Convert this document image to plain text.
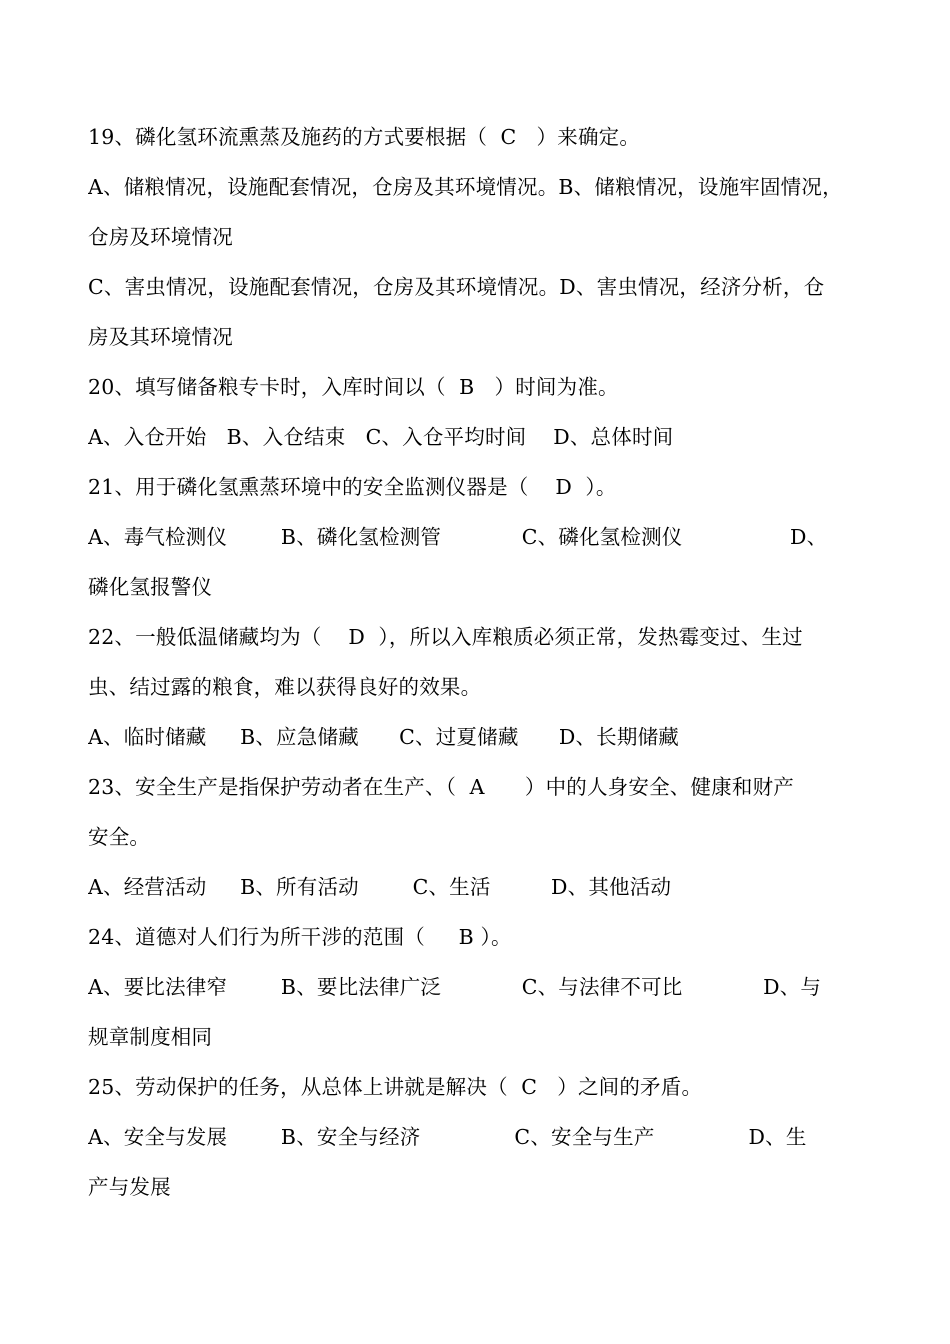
19、磷化氢环流熏蒸及施药的方式要根据（  C   ）来确定。
A、储粮情况，设施配套情况，仓房及其环境情况。B、储粮情况，设施牢固情况，
仓房及环境情况
C、害虫情况，设施配套情况，仓房及其环境情况。D、害虫情况，经济分析，仓
房及其环境情况
20、填写储备粮专卡时，入库时间以（  B   ）时间为准。
A、入仓开始   B、入仓结束   C、入仓平均时间    D、总体时间
21、用于磷化氢熏蒸环境中的安全监测仪器是（    D  ）。
A、毒气检测仪        B、磷化氢检测管            C、磷化氢检测仪                D、
磷化氢报警仪
22、一般低温储藏均为（    D  ），所以入库粮质必须正常，发热霉变过、生过
虫、结过露的粮食，难以获得良好的效果。
A、临时储藏     B、应急储藏      C、过夏储藏      D、长期储藏
23、安全生产是指保护劳动者在生产、（  A      ）中的人身安全、健康和财产
安全。
A、经营活动     B、所有活动        C、生活         D、其他活动
24、道德对人们行为所干涉的范围（     B ）。
A、要比法律窄        B、要比法律广泛            C、与法律不可比            D、与
规章制度相同
25、劳动保护的任务，从总体上讲就是解决（  C   ）之间的矛盾。
A、安全与发展        B、安全与经济              C、安全与生产              D、生
产与发展
